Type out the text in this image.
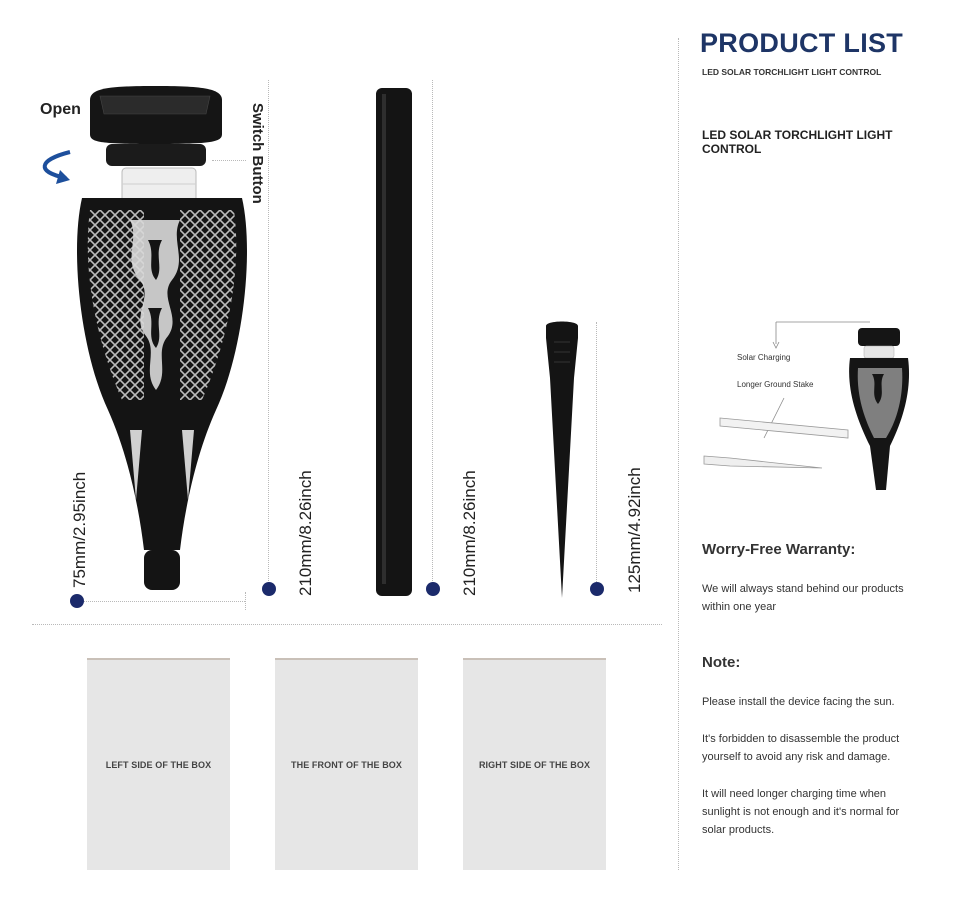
Open	Switch Button
75mm/2.95inch	210mm/8.26inch	210mm/8.26inch	125mm/4.92inch
LEFT SIDE OF THE BOX	THE FRONT OF THE BOX	RIGHT SIDE OF THE BOX
PRODUCT LIST
LED SOLAR TORCHLIGHT LIGHT CONTROL
LED SOLAR TORCHLIGHT LIGHT CONTROL
Solar Charging
Longer Ground Stake
Worry-Free Warranty:
We will always stand behind our products within one year
Note:
Please install the device facing the sun.
It's forbidden to disassemble the product yourself to avoid any risk and damage.
It will need longer charging time when sunlight is not enough and it's normal for solar products.
